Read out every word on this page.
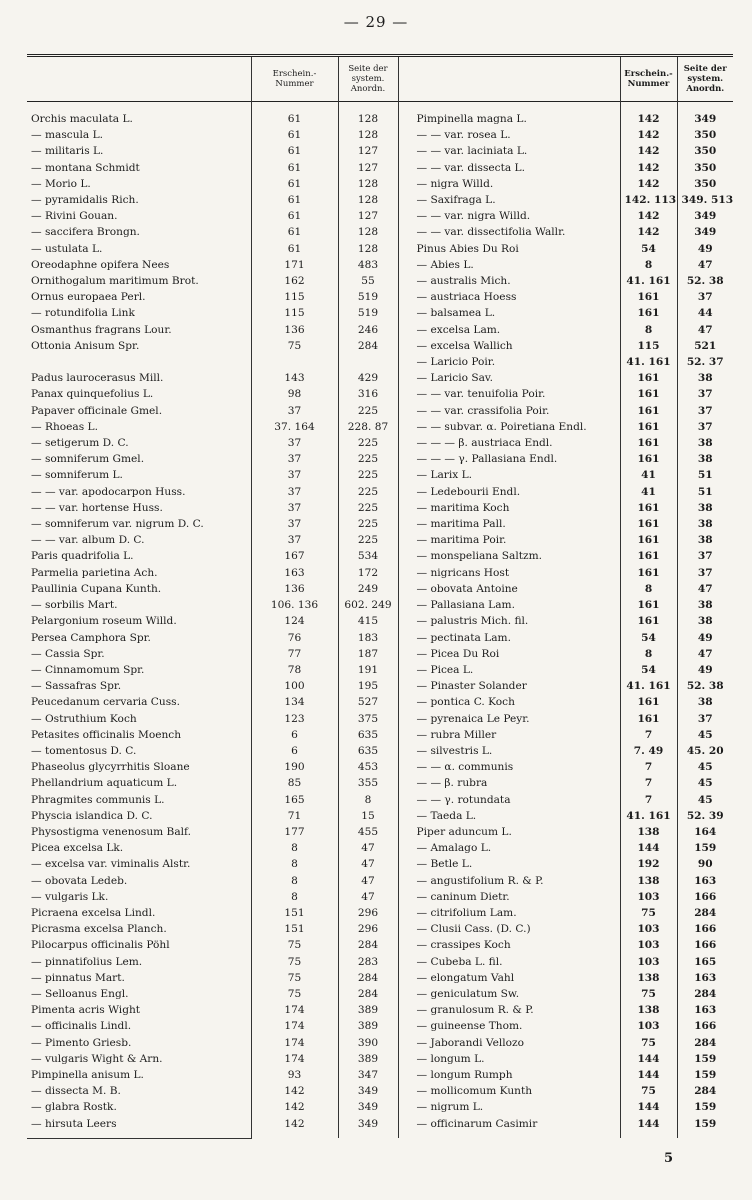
— 29 —
	Erschein.-
Nummer	Seite der
system.
Anordn.		Erschein.-
Nummer	Seite der
system.
Anordn.
Orchis maculata L.	61	128	Pimpinella magna L.	142	349
— mascula L.	61	128	— — var. rosea L.	142	350
— militaris L.	61	127	— — var. laciniata L.	142	350
— montana Schmidt	61	127	— — var. dissecta L.	142	350
— Morio L.	61	128	— nigra Willd.	142	350
— pyramidalis Rich.	61	128	— Saxifraga L.	142. 113	349. 513
— Rivini Gouan.	61	127	— — var. nigra Willd.	142	349
— saccifera Brongn.	61	128	— — var. dissectifolia Wallr.	142	349
— ustulata L.	61	128	Pinus Abies Du Roi	54	49
Oreodaphne opifera Nees	171	483	— Abies L.	8	47
Ornithogalum maritimum Brot.	162	55	— australis Mich.	41. 161	52. 38
Ornus europaea Perl.	115	519	— austriaca Hoess	161	37
— rotundifolia Link	115	519	— balsamea L.	161	44
Osmanthus fragrans Lour.	136	246	— excelsa Lam.	8	47
Ottonia Anisum Spr.	75	284	— excelsa Wallich	115	521
			— Laricio Poir.	41. 161	52. 37
Padus laurocerasus Mill.	143	429	— Laricio Sav.	161	38
Panax quinquefolius L.	98	316	— — var. tenuifolia Poir.	161	37
Papaver officinale Gmel.	37	225	— — var. crassifolia Poir.	161	37
— Rhoeas L.	37. 164	228. 87	— — subvar. α. Poiretiana Endl.	161	37
— setigerum D. C.	37	225	— — — β. austriaca Endl.	161	38
— somniferum Gmel.	37	225	— — — γ. Pallasiana Endl.	161	38
— somniferum L.	37	225	— Larix L.	41	51
— — var. apodocarpon Huss.	37	225	— Ledebourii Endl.	41	51
— — var. hortense Huss.	37	225	— maritima Koch	161	38
— somniferum var. nigrum D. C.	37	225	— maritima Pall.	161	38
— — var. album D. C.	37	225	— maritima Poir.	161	38
Paris quadrifolia L.	167	534	— monspeliana Saltzm.	161	37
Parmelia parietina Ach.	163	172	— nigricans Host	161	37
Paullinia Cupana Kunth.	136	249	— obovata Antoine	8	47
— sorbilis Mart.	106. 136	602. 249	— Pallasiana Lam.	161	38
Pelargonium roseum Willd.	124	415	— palustris Mich. fil.	161	38
Persea Camphora Spr.	76	183	— pectinata Lam.	54	49
— Cassia Spr.	77	187	— Picea Du Roi	8	47
— Cinnamomum Spr.	78	191	— Picea L.	54	49
— Sassafras Spr.	100	195	— Pinaster Solander	41. 161	52. 38
Peucedanum cervaria Cuss.	134	527	— pontica C. Koch	161	38
— Ostruthium Koch	123	375	— pyrenaica Le Peyr.	161	37
Petasites officinalis Moench	6	635	— rubra Miller	7	45
— tomentosus D. C.	6	635	— silvestris L.	7. 49	45. 20
Phaseolus glycyrrhitis Sloane	190	453	— — α. communis	7	45
Phellandrium aquaticum L.	85	355	— — β. rubra	7	45
Phragmites communis L.	165	8	— — γ. rotundata	7	45
Physcia islandica D. C.	71	15	— Taeda L.	41. 161	52. 39
Physostigma venenosum Balf.	177	455	Piper aduncum L.	138	164
Picea excelsa Lk.	8	47	— Amalago L.	144	159
— excelsa var. viminalis Alstr.	8	47	— Betle L.	192	90
— obovata Ledeb.	8	47	— angustifolium R. & P.	138	163
— vulgaris Lk.	8	47	— caninum Dietr.	103	166
Picraena excelsa Lindl.	151	296	— citrifolium Lam.	75	284
Picrasma excelsa Planch.	151	296	— Clusii Cass. (D. C.)	103	166
Pilocarpus officinalis Pöhl	75	284	— crassipes Koch	103	166
— pinnatifolius Lem.	75	283	— Cubeba L. fil.	103	165
— pinnatus Mart.	75	284	— elongatum Vahl	138	163
— Selloanus Engl.	75	284	— geniculatum Sw.	75	284
Pimenta acris Wight	174	389	— granulosum R. & P.	138	163
— officinalis Lindl.	174	389	— guineense Thom.	103	166
— Pimento Griesb.	174	390	— Jaborandi Vellozo	75	284
— vulgaris Wight & Arn.	174	389	— longum L.	144	159
Pimpinella anisum L.	93	347	— longum Rumph	144	159
— dissecta M. B.	142	349	— mollicomum Kunth	75	284
— glabra Rostk.	142	349	— nigrum L.	144	159
— hirsuta Leers	142	349	— officinarum Casimir	144	159
5
